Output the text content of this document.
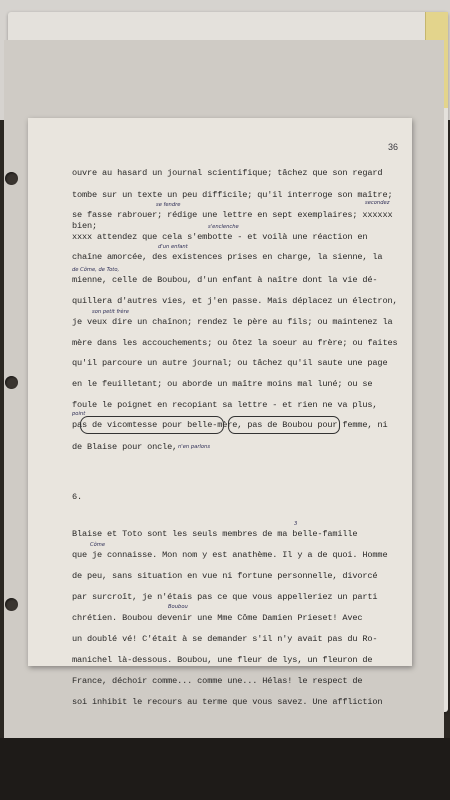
36
ouvre au hasard un journal scientifique; tâchez que son regard
tombe sur un texte un peu difficile; qu'il interroge son maître;
se fasse rabrouer; rédige une lettre en sept exemplaires; xxxxxx
bien;
xxxx attendez que cela s'embotte - et voilà une réaction en
chaîne amorcée, des existences prises en charge, la sienne, la
mienne, celle de Boubou, d'un enfant à naître dont la vie dé-
quillera d'autres vies, et j'en passe. Mais déplacez un électron,
je veux dire un chaînon; rendez le père au fils; ou maintenez la
mère dans les accouchements; ou ôtez la soeur au frère; ou faites
qu'il parcoure un autre journal; ou tâchez qu'il saute une page
en le feuilletant; ou aborde un maître moins mal luné; ou se
foule le poignet en recopiant sa lettre - et rien ne va plus,
pas de vicomtesse pour belle-mère, pas de Boubou pour femme, ni
de Blaise pour oncle,
6.
Blaise et Toto sont les seuls membres de ma belle-famille
que je connaisse. Mon nom y est anathème. Il y a de quoi. Homme
de peu, sans situation en vue ni fortune personnelle, divorcé
par surcroît, je n'étais pas ce que vous appelleriez un parti
chrétien. Boubou devenir une Mme Côme Damien Prieset! Avec
un doublé vé! C'était à se demander s'il n'y avait pas du Ro-
manichel là-dessous. Boubou, une fleur de lys, un fleuron de
France, déchoir comme... comme une... Hélas! le respect de
soi inhibit le recours au terme que vous savez. Une affliction
secondez
se fendre
s'enclenche
de Côme, de Toto,
d'un enfant
son petit frère
point
Côme
3
Boubou
n'en parlons
